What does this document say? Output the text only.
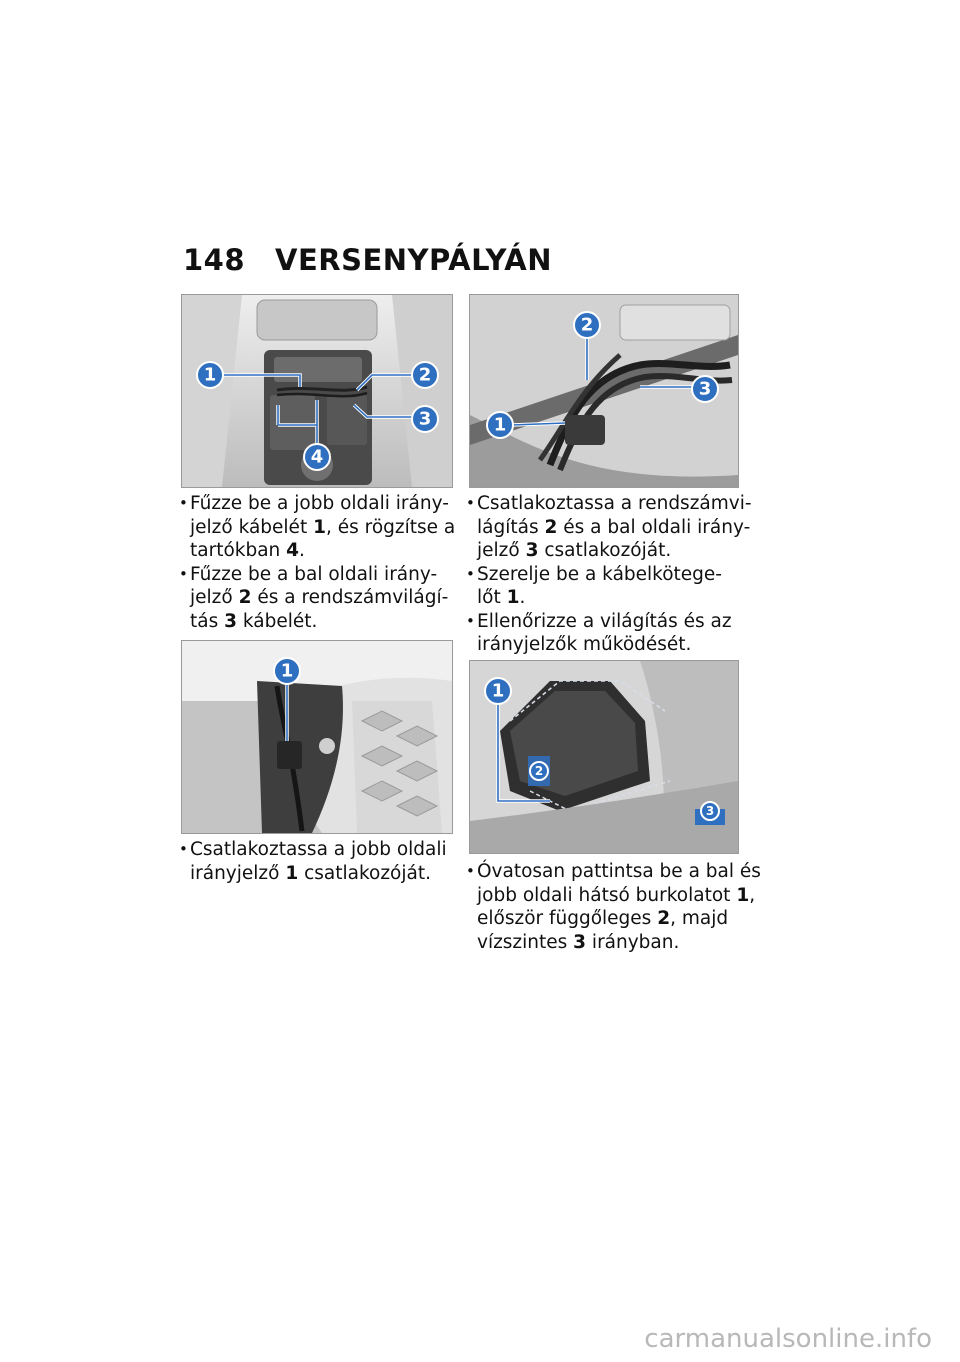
148 VERSENYPÁLYÁN
1	2
3
4
2
1
3
• Fűzze be a jobb oldali irány-
jelző kábelét 1, és rögzítse a
tartókban 4.
• Fűzze be a bal oldali irány-
jelző 2 és a rendszámvilágí-
tás 3 kábelét.
• Csatlakoztassa a rendszámvi-
lágítás 2 és a bal oldali irány-
jelző 3 csatlakozóját.
• Szerelje be a kábelkötege-
lőt 1.
• Ellenőrizze a világítás és az
irányjelzők működését.
1
1
2
3
• Csatlakoztassa a jobb oldali
irányjelző 1 csatlakozóját.
•	Óvatosan pattintsa be a bal és
jobb oldali hátsó burkolatot 1,
először függőleges 2, majd
vízszintes 3 irányban.
carmanualsonline.info
